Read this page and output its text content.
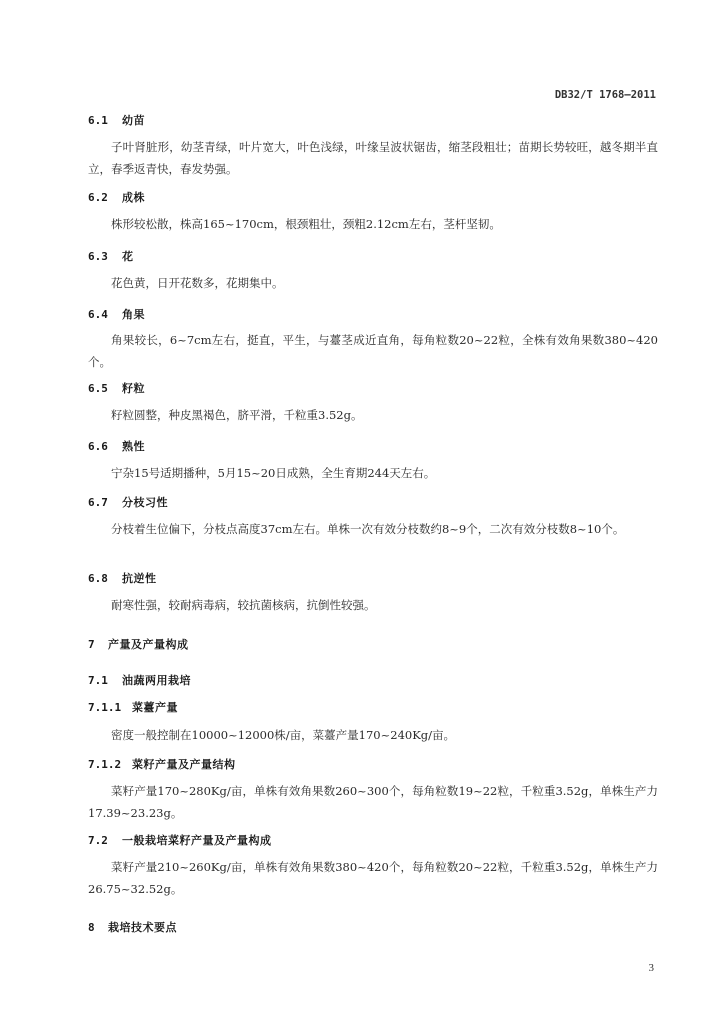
DB32/T 1768—2011
6.1 幼苗

子叶肾脏形，幼茎青绿，叶片宽大，叶色浅绿，叶缘呈波状锯齿，缩茎段粗壮；苗期长势较旺，越冬期半直立，春季返青快，春发势强。

6.2 成株

株形较松散，株高165~170cm，根颈粗壮，颈粗2.12cm左右，茎杆坚韧。

6.3 花

花色黄，日开花数多，花期集中。

6.4 角果

角果较长，6~7cm左右，挺直，平生，与薹茎成近直角，每角粒数20~22粒，全株有效角果数380~420个。

6.5 籽粒

籽粒圆整，种皮黑褐色，脐平滑，千粒重3.52g。

6.6 熟性

宁杂15号适期播种，5月15~20日成熟，全生育期244天左右。

6.7 分枝习性

分枝着生位偏下，分枝点高度37cm左右。单株一次有效分枝数约8~9个，二次有效分枝数8~10个。

6.8 抗逆性

耐寒性强，较耐病毒病，较抗菌核病，抗倒性较强。

7 产量及产量构成
7.1 油蔬两用栽培
7.1.1 菜薹产量

密度一般控制在10000~12000株/亩，菜薹产量170~240Kg/亩。

7.1.2 菜籽产量及产量结构

菜籽产量170~280Kg/亩，单株有效角果数260~300个，每角粒数19~22粒，千粒重3.52g，单株生产力17.39~23.23g。

7.2 一般栽培菜籽产量及产量构成

菜籽产量210~260Kg/亩，单株有效角果数380~420个，每角粒数20~22粒，千粒重3.52g，单株生产力26.75~32.52g。

8 栽培技术要点
3
